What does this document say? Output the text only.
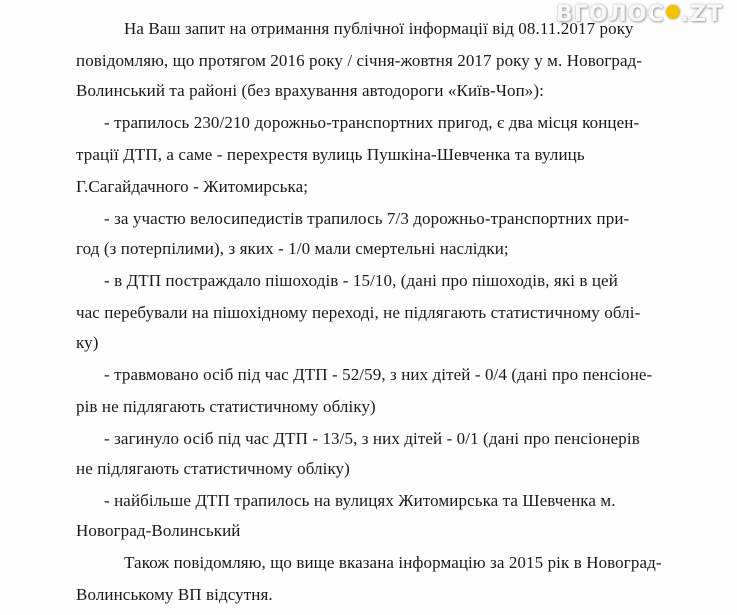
На Ваш запит на отримання публічної інформації від 08.11.2017 року
повідомляю, що протягом 2016 року / січня-жовтня 2017 року у м. Новоград-
Волинський та районі (без врахування автодороги «Київ-Чоп»):
- трапилось 230/210 дорожньо-транспортних пригод, є два місця концен-
трації ДТП, а саме - перехрестя вулиць Пушкіна-Шевченка та вулиць
Г.Сагайдачного - Житомирська;
- за участю велосипедистів трапилось 7/3 дорожньо-транспортних при-
год (з потерпілими), з яких - 1/0 мали смертельні наслідки;
- в ДТП постраждало пішоходів - 15/10, (дані про пішоходів, які в цей
час перебували на пішохідному переході, не підлягають статистичному облі-
ку)
- травмовано осіб під час ДТП - 52/59, з них дітей - 0/4 (дані про пенсіоне-
рів не підлягають статистичному обліку)
- загинуло осіб під час ДТП - 13/5, з них дітей - 0/1 (дані про пенсіонерів
не підлягають статистичному обліку)
- найбільше ДТП трапилось на вулицях Житомирська та Шевченка м.
Новоград-Волинський
Також повідомляю, що вище вказана інформацію за 2015 рік в Новоград-
Волинському ВП відсутня.
ВГОЛОС .ZT
